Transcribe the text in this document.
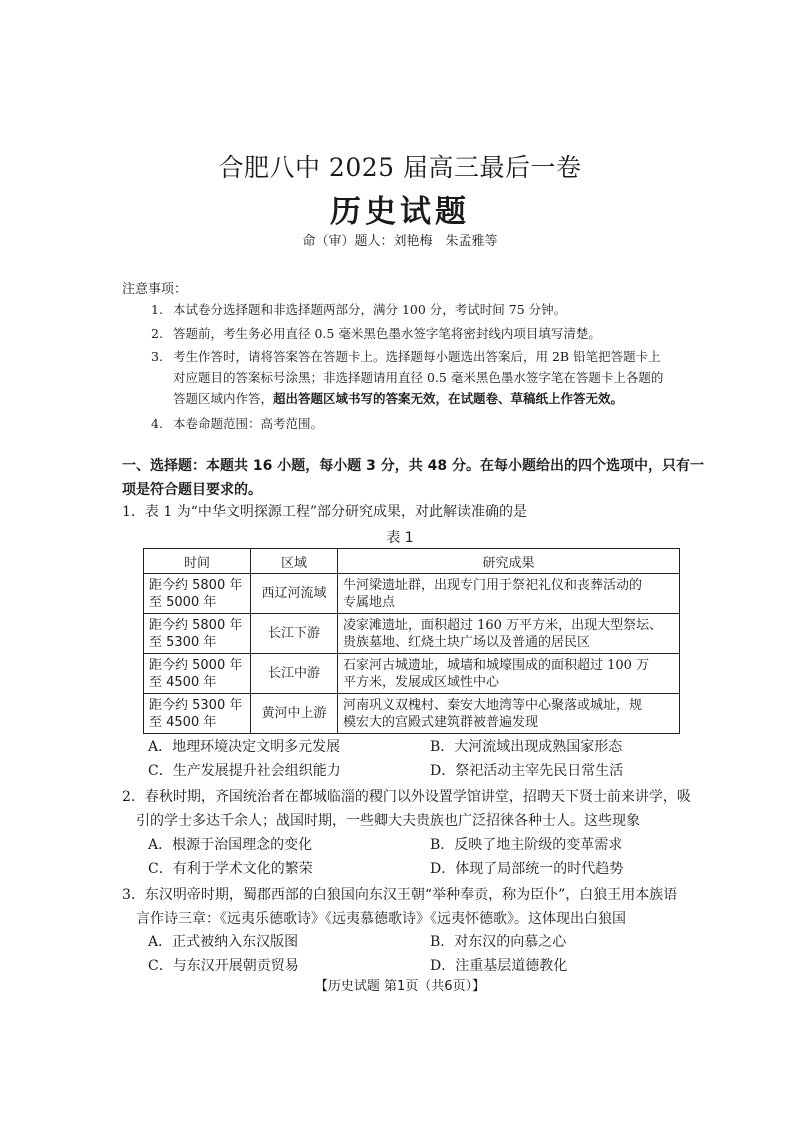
合肥八中 2025 届高三最后一卷
历史试题
命（审）题人：刘艳梅　朱孟雅等
注意事项：
1. 本试卷分选择题和非选择题两部分，满分 100 分，考试时间 75 分钟。
2. 答题前，考生务必用直径 0.5 毫米黑色墨水签字笔将密封线内项目填写清楚。
3. 考生作答时，请将答案答在答题卡上。选择题每小题选出答案后，用 2B 铅笔把答题卡上
对应题目的答案标号涂黑；非选择题请用直径 0.5 毫米黑色墨水签字笔在答题卡上各题的
答题区域内作答，超出答题区域书写的答案无效，在试题卷、草稿纸上作答无效。
4. 本卷命题范围：高考范围。
一、选择题：本题共 16 小题，每小题 3 分，共 48 分。在每小题给出的四个选项中，只有一
项是符合题目要求的。
1．表 1 为“中华文明探源工程”部分研究成果，对此解读准确的是
表 1
时间	区域	研究成果
距今约 5800 年
至 5000 年	西辽河流域	牛河梁遗址群，出现专门用于祭祀礼仪和丧葬活动的
专属地点
距今约 5800 年
至 5300 年	长江下游	凌家滩遗址，面积超过 160 万平方米，出现大型祭坛、
贵族墓地、红烧土块广场以及普通的居民区
距今约 5000 年
至 4500 年	长江中游	石家河古城遗址，城墙和城壕围成的面积超过 100 万
平方米，发展成区域性中心
距今约 5300 年
至 4500 年	黄河中上游	河南巩义双槐村、秦安大地湾等中心聚落或城址，规
模宏大的宫殿式建筑群被普遍发现
A．地理环境决定文明多元发展	B．大河流域出现成熟国家形态
C．生产发展提升社会组织能力	D．祭祀活动主宰先民日常生活
2．春秋时期，齐国统治者在都城临淄的稷门以外设置学馆讲堂，招聘天下贤士前来讲学，吸
引的学士多达千余人；战国时期，一些卿大夫贵族也广泛招徕各种士人。这些现象
A．根源于治国理念的变化	B．反映了地主阶级的变革需求
C．有利于学术文化的繁荣	D．体现了局部统一的时代趋势
3．东汉明帝时期，蜀郡西部的白狼国向东汉王朝“举种奉贡，称为臣仆”，白狼王用本族语
言作诗三章：《远夷乐德歌诗》《远夷慕德歌诗》《远夷怀德歌》。这体现出白狼国
A．正式被纳入东汉版图	B．对东汉的向慕之心
C．与东汉开展朝贡贸易	D．注重基层道德教化
【历史试题 第1页（共6页）】
